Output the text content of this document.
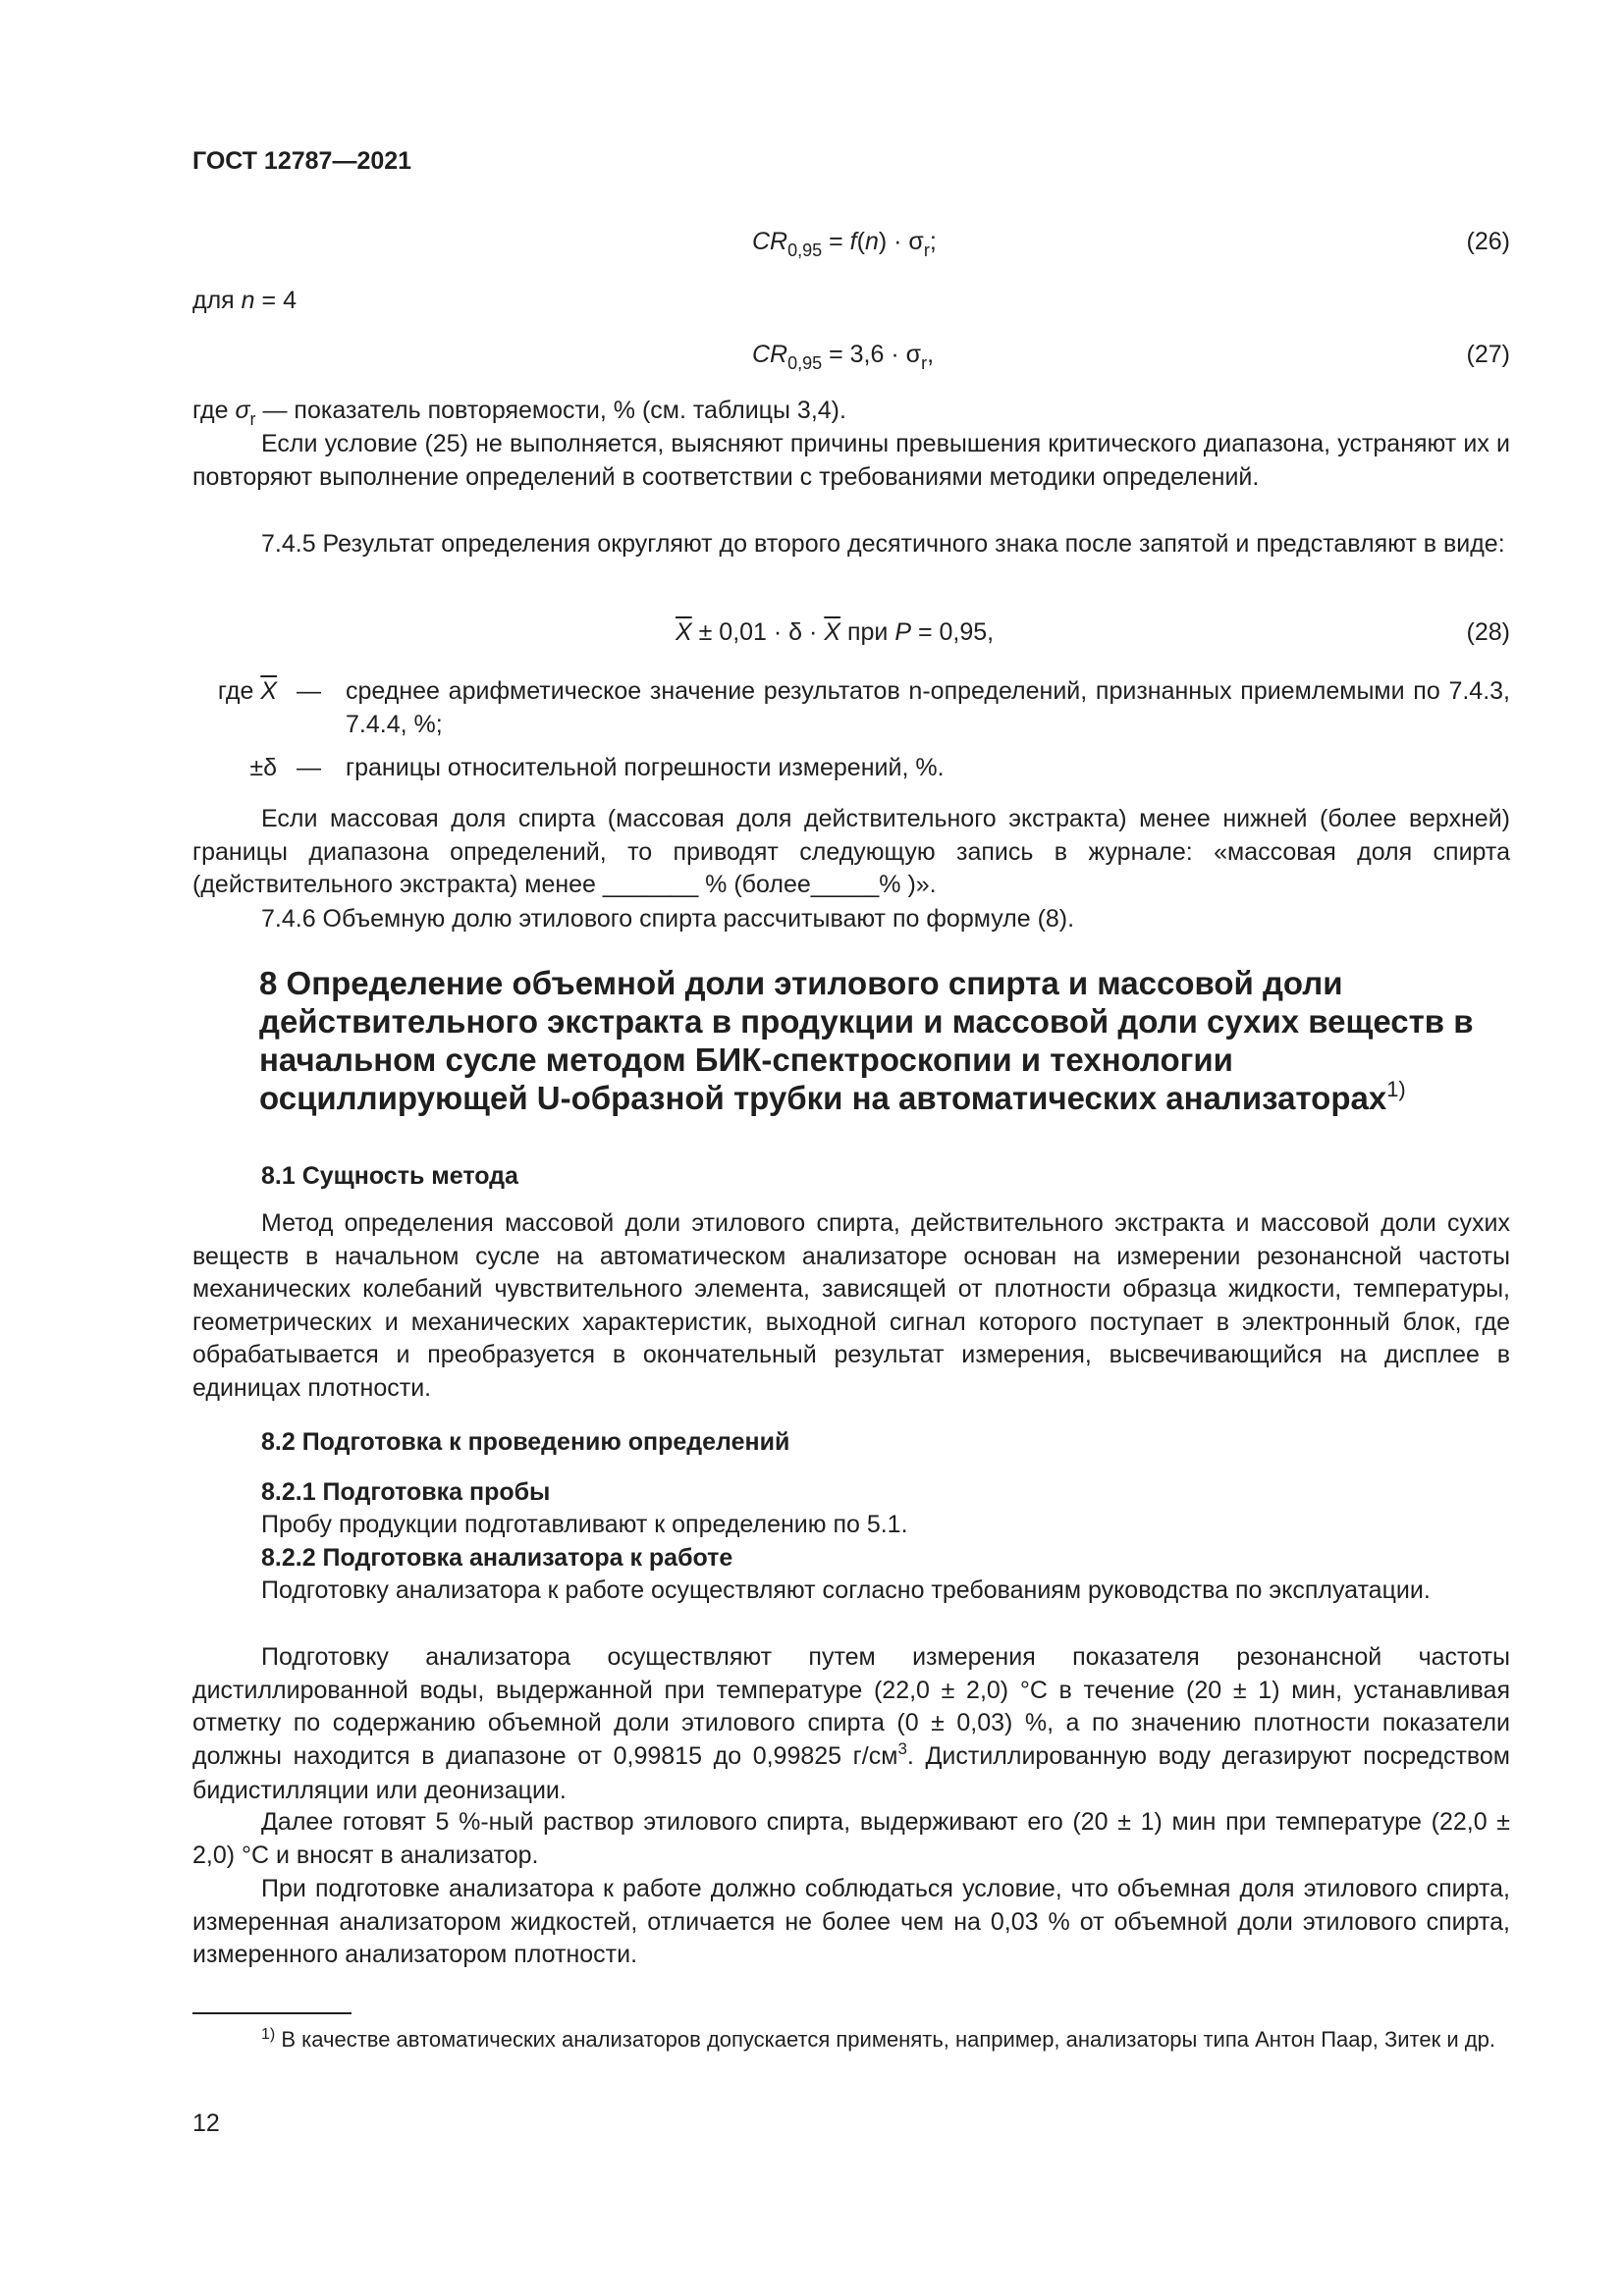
ГОСТ 12787—2021
$CR_{0,95} = f(n) \cdot \sigma_r$;	(26)
для n = 4
$CR_{0,95} = 3,6 \cdot \sigma_r$,	(27)
где $\sigma_r$ — показатель повторяемости, % (см. таблицы 3,4).
Если условие (25) не выполняется, выясняют причины превышения критического диапазона, устраняют их и повторяют выполнение определений в соответствии с требованиями методики определений.
7.4.5 Результат определения округляют до второго десятичного знака после запятой и представляют в виде:
$\overline{X} \pm 0,01 \cdot \delta \cdot \overline{X}$ при P = 0,95,	(28)
где $\overline{X}$ — среднее арифметическое значение результатов n-определений, признанных приемлемыми по 7.4.3, 7.4.4, %;
±δ — границы относительной погрешности измерений, %.
Если массовая доля спирта (массовая доля действительного экстракта) менее нижней (более верхней) границы диапазона определений, то приводят следующую запись в журнале: «массовая доля спирта (действительного экстракта) менее _______ % (более_____% )».
7.4.6 Объемную долю этилового спирта рассчитывают по формуле (8).
8 Определение объемной доли этилового спирта и массовой доли действительного экстракта в продукции и массовой доли сухих веществ в начальном сусле методом БИК-спектроскопии и технологии осциллирующей U-образной трубки на автоматических анализаторах$^{1)}$
8.1 Сущность метода
Метод определения массовой доли этилового спирта, действительного экстракта и массовой доли сухих веществ в начальном сусле на автоматическом анализаторе основан на измерении резонансной частоты механических колебаний чувствительного элемента, зависящей от плотности образца жидкости, температуры, геометрических и механических характеристик, выходной сигнал которого поступает в электронный блок, где обрабатывается и преобразуется в окончательный результат измерения, высвечивающийся на дисплее в единицах плотности.
8.2 Подготовка к проведению определений
8.2.1 Подготовка пробы
Пробу продукции подготавливают к определению по 5.1.
8.2.2 Подготовка анализатора к работе
Подготовку анализатора к работе осуществляют согласно требованиям руководства по эксплуатации.
Подготовку анализатора осуществляют путем измерения показателя резонансной частоты дистиллированной воды, выдержанной при температуре (22,0 ± 2,0) °С в течение (20 ± 1) мин, устанавливая отметку по содержанию объемной доли этилового спирта (0 ± 0,03) %, а по значению плотности показатели должны находится в диапазоне от 0,99815 до 0,99825 $г/см^3$. Дистиллированную воду дегазируют посредством бидистилляции или деонизации.
Далее готовят 5 %-ный раствор этилового спирта, выдерживают его (20 ± 1) мин при температуре (22,0 ± 2,0) °С и вносят в анализатор.
При подготовке анализатора к работе должно соблюдаться условие, что объемная доля этилового спирта, измеренная анализатором жидкостей, отличается не более чем на 0,03 % от объемной доли этилового спирта, измеренного анализатором плотности.
$^{1)}$ В качестве автоматических анализаторов допускается применять, например, анализаторы типа Антон Паар, Зитек и др.
12
